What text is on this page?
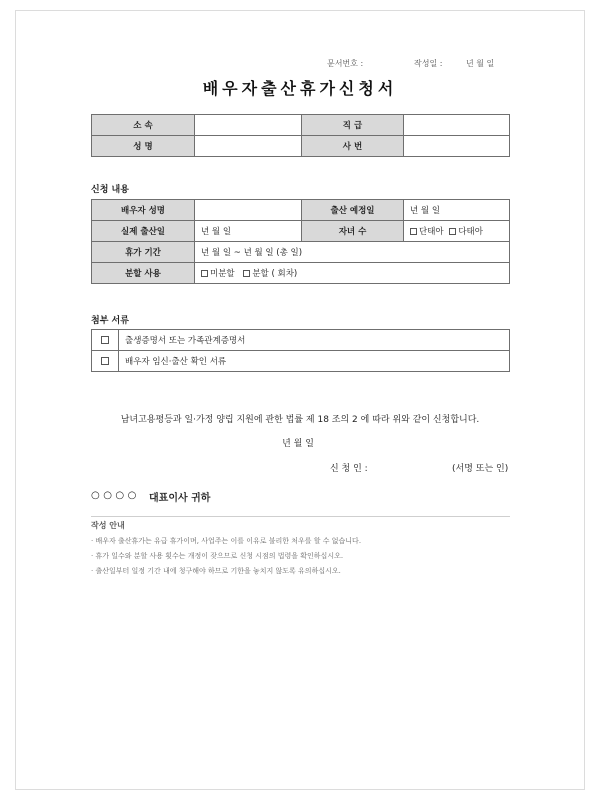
문서번호 :	작성일 :	년 월 일
배우자출산휴가신청서
소 속		직 급	
성 명		사 번	
신청 내용
배우자 성명		출산 예정일	년 월 일
실제 출산일	년 월 일	자녀 수	단태아 다태아
휴가 기간	년 월 일 ~ 년 월 일 (총 일)		
분할 사용	미분할 분할 ( 회차)		
첨부 서류
	출생증명서 또는 가족관계증명서
	배우자 임신·출산 확인 서류
남녀고용평등과 일·가정 양립 지원에 관한 법률 제 18 조의 2 에 따라 위와 같이 신청합니다.
년 월 일
신 청 인 :	(서명 또는 인)
○ ○ ○ ○ 대표이사 귀하
작성 안내
· 배우자 출산휴가는 유급 휴가이며, 사업주는 이를 이유로 불리한 처우를 할 수 없습니다.
· 휴가 일수와 분할 사용 횟수는 개정이 잦으므로 신청 시점의 법령을 확인하십시오.
· 출산일부터 일정 기간 내에 청구해야 하므로 기한을 놓치지 않도록 유의하십시오.
